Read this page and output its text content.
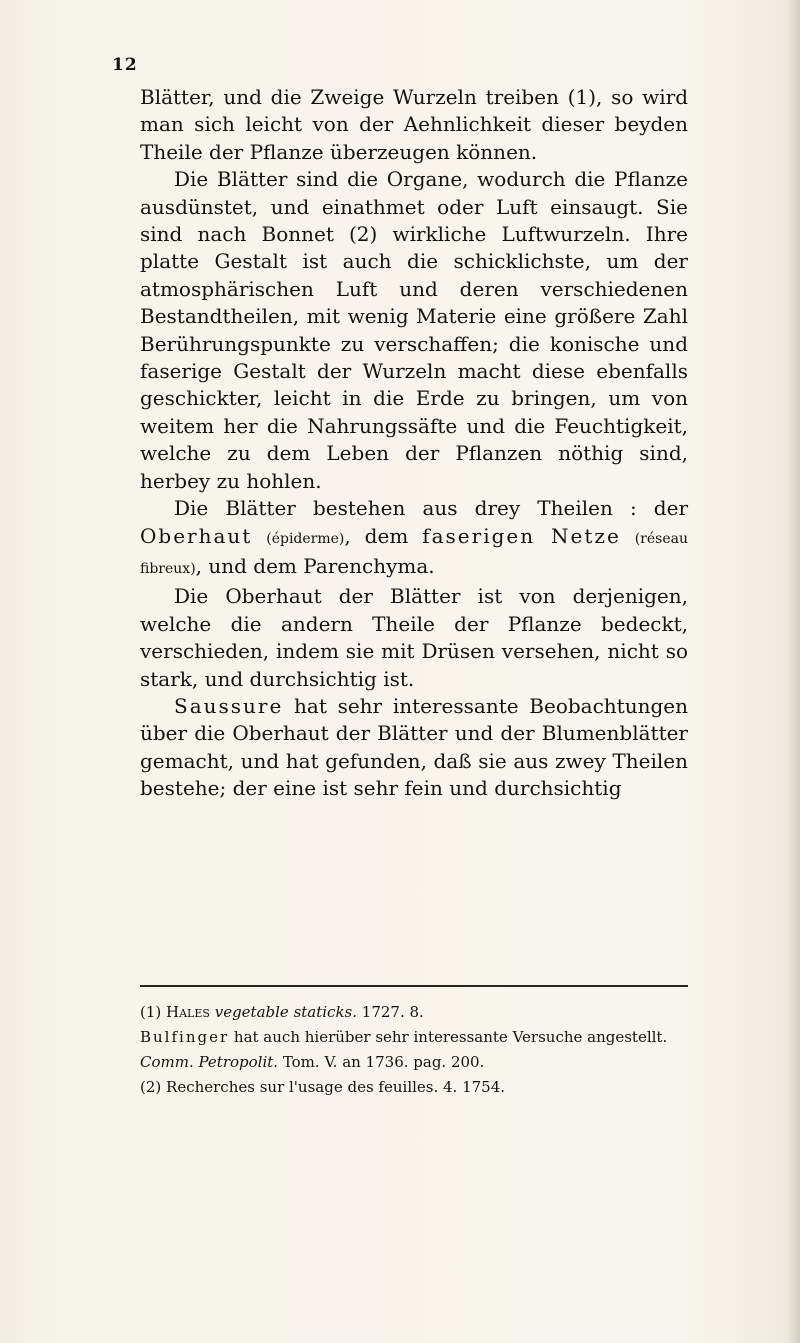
12

Blätter, und die Zweige Wurzeln treiben (1), so wird man sich leicht von der Aehnlichkeit dieser beyden Theile der Pflanze überzeugen können.

Die Blätter sind die Organe, wodurch die Pflanze ausdünstet, und einathmet oder Luft einsaugt. Sie sind nach Bonnet (2) wirkliche Luftwurzeln. Ihre platte Gestalt ist auch die schicklichste, um der atmosphärischen Luft und deren verschiedenen Bestandtheilen, mit wenig Materie eine größere Zahl Berührungspunkte zu verschaffen; die konische und faserige Gestalt der Wurzeln macht diese ebenfalls geschickter, leicht in die Erde zu bringen, um von weitem her die Nahrungssäfte und die Feuchtigkeit, welche zu dem Leben der Pflanzen nöthig sind, herbey zu hohlen.

Die Blätter bestehen aus drey Theilen : der Oberhaut (épiderme), dem faserigen Netze (réseau fibreux), und dem Parenchyma.

Die Oberhaut der Blätter ist von derjenigen, welche die andern Theile der Pflanze bedeckt, verschieden, indem sie mit Drüsen versehen, nicht so stark, und durchsichtig ist.

Saussure hat sehr interessante Beobachtungen über die Oberhaut der Blätter und der Blumenblätter gemacht, und hat gefunden, daß sie aus zwey Theilen bestehe; der eine ist sehr fein und durchsichtig

(1) Hales vegetable staticks. 1727. 8.

Bulfinger hat auch hierüber sehr interessante Versuche angestellt. Comm. Petropolit. Tom. V. an 1736. pag. 200.

(2) Recherches sur l'usage des feuilles. 4. 1754.
